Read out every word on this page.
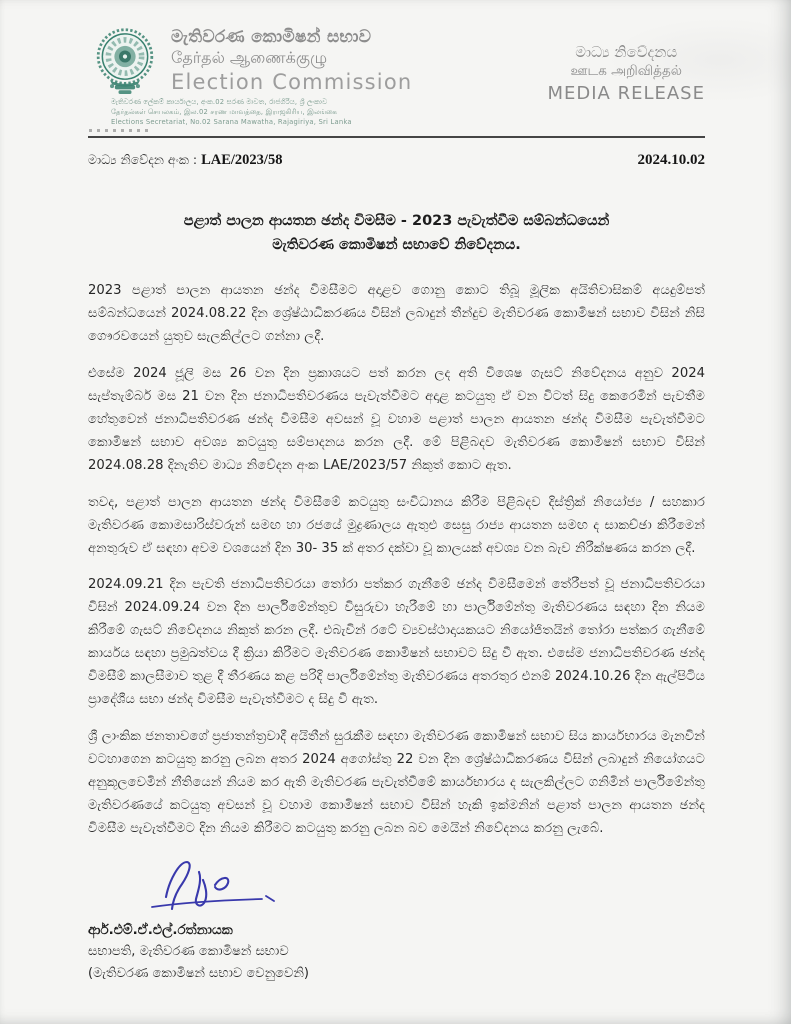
මැතිවරණ කොමිෂන් සභාව
தேர்தல் ஆணைக்குழு
Election Commission
මැතිවරණ ලේකම් කාර්යාලය, අංක.02 සරණ මාවත, රාජගිරිය, ශ්‍රී ලංකාව
தேர்தல்கள் செயலகம், இல.02 சரண மாவத்தை, இராஜகிரிய, இலங்கை
Elections Secretariat, No.02 Sarana Mawatha, Rajagiriya, Sri Lanka
මාධ්‍ය නිවේදනය
ஊடக அறிவித்தல்
MEDIA RELEASE
මාධ්‍ය නිවේදන අංක : LAE/2023/58	2024.10.02
පළාත් පාලන ආයතන ඡන්ද විමසීම - 2023 පැවැත්වීම සම්බන්ධයෙන්
මැතිවරණ කොමිෂන් සභාවේ නිවේදනය.

2023 පළාත් පාලන ආයතන ඡන්ද විමසීමට අදාළව ගොනු කොට තිබූ මූලික අයිතිවාසිකම් අයදුම්පත් සම්බන්ධයෙන් 2024.08.22 දින ශ්‍රේෂ්ඨාධිකරණය විසින් ලබාදුන් තීන්දුව මැතිවරණ කොමිෂන් සභාව විසින් නිසි ගෞරවයෙන් යුතුව සැලකිල්ලට ගන්නා ලදී.

එසේම 2024 ජූලි මස 26 වන දින ප්‍රකාශයට පත් කරන ලද අති විශෙෂ ගැසට් නිවේදනය අනුව 2024 සැප්තැම්බර් මස 21 වන දින ජනාධිපතිවරණය පැවැත්වීමට අදාළ කටයුතු ඒ වන විටත් සිදු කෙරෙමින් පැවතීම හේතුවෙන් ජනාධිපතිවරණ ඡන්ද විමසීම අවසන් වූ වහාම පළාත් පාලන ආයතන ඡන්ද විමසීම පැවැත්වීමට කොමිෂන් සභාව අවශ්‍ය කටයුතු සම්පාදනය කරන ලදී. මේ පිළිබදව මැතිවරණ කොමිෂන් සභාව විසින් 2024.08.28 දිනැතිව මාධ්‍ය නිවේදන අංක LAE/2023/57 නිකුත් කොට ඇත.

තවද, පළාත් පාලන ආයතන ඡන්ද විමසීමේ කටයුතු සංවිධානය කිරීම පිළිබදව දිස්ත්‍රික් නියෝජ්‍ය / සහකාර මැතිවරණ කොමසාරිස්වරුන් සමඟ හා රජයේ මුද්‍රණාලය ඇතුළු සෙසු රාජ්‍ය ආයතන සමඟ ද සාකච්ඡා කිරීමෙන් අනතුරුව ඒ සඳහා අවම වශයෙන් දින 30- 35 ක් අතර දක්වා වූ කාලයක් අවශ්‍ය වන බැව නිරීක්ෂණය කරන ලදී.

2024.09.21 දින පැවති ජනාධිපතිවරයා තෝරා පත්කර ගැනීමේ ඡන්ද විමසීමෙන් තේරීපත් වූ ජනාධිපතිවරයා විසින් 2024.09.24 වන දින පාර්ලිමේන්තුව විසුරුවා හැරීමේ හා පාර්ලිමේන්තු මැතිවරණය සඳහා දින නියම කිරීමේ ගැසට් නිවේදනය නිකුත් කරන ලදී. එබැවින් රටේ ව්‍යවස්ථාදායකයට නියෝජිතයින් තෝරා පත්කර ගැනීමේ කාර්යය සඳහා ප්‍රමුඛත්වය දී ක්‍රියා කිරීමට මැතිවරණ කොමිෂන් සභාවට සිදු වී ඇත. එසේම ජනාධිපතිවරණ ඡන්ද විමසීම් කාලසීමාව තුළ දී තීරණය කළ පරිදි පාර්ලිමේන්තු මැතිවරණය අතරතුර එනම් 2024.10.26 දින ඇල්පිටිය ප්‍රාදේශීය සභා ඡන්ද විමසීම පැවැත්වීමට ද සිදු වී ඇත.

ශ්‍රී ලාංකික ජනතාවගේ ප්‍රජාතන්ත්‍රවාදී අයිතීන් සුරැකීම සඳහා මැතිවරණ කොමිෂන් සභාව සිය කාර්යභාරය මැනවින් වටහාගෙන කටයුතු කරනු ලබන අතර 2024 අගෝස්තු 22 වන දින ශ්‍රේෂ්ඨාධිකරණය විසින් ලබාදුන් නියෝගයට අනුකූලවෙමින් නීතියෙන් නියම කර ඇති මැතිවරණ පැවැත්වීමේ කාර්යභාරය ද සැලකිල්ලට ගනිමින් පාර්ලිමේන්තු මැතිවරණයේ කටයුතු අවසන් වූ වහාම කොමිෂන් සභාව විසින් හැකි ඉක්මනින් පළාත් පාලන ආයතන ඡන්ද විමසීම පැවැත්වීමට දින නියම කිරීමට කටයුතු කරනු ලබන බව මෙයින් නිවේදනය කරනු ලැබේ.

ආර්.එම්.ඒ.එල්.රත්නායක
සභාපති, මැතිවරණ කොමිෂන් සභාව
(මැතිවරණ කොමිෂන් සභාව වෙනුවෙනි)
